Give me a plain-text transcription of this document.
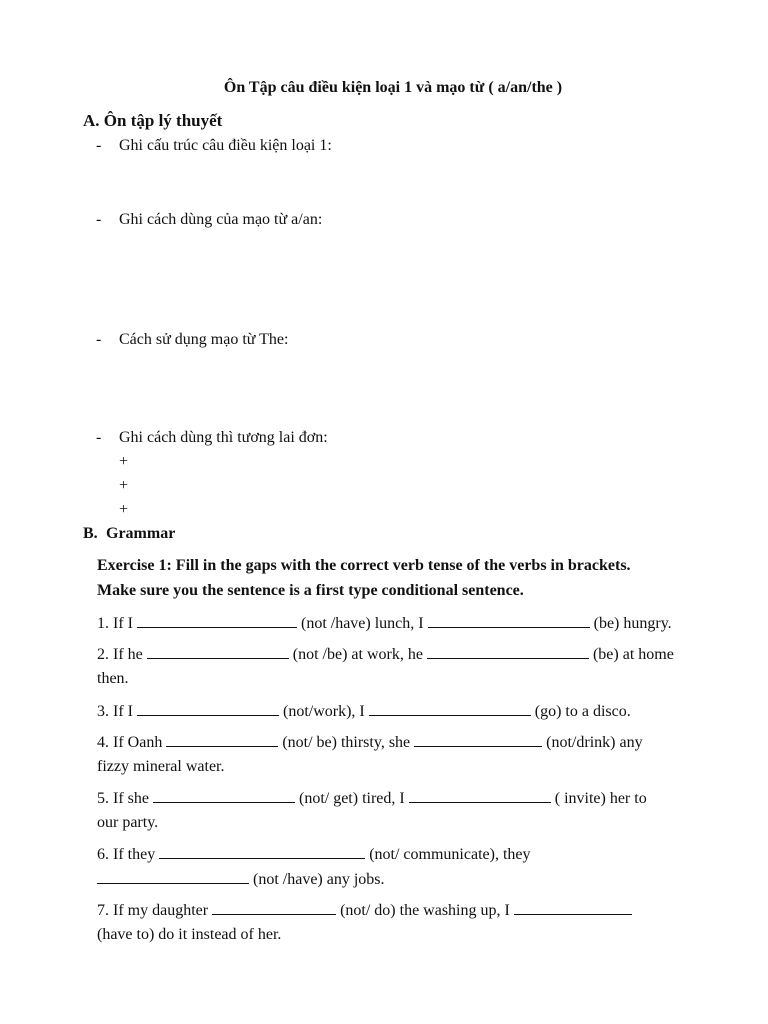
Ôn Tập câu điều kiện loại 1 và mạo từ ( a/an/the )
A. Ôn tập lý thuyết
- Ghi cấu trúc câu điều kiện loại 1:
- Ghi cách dùng của mạo từ a/an:
- Cách sử dụng mạo từ The:
- Ghi cách dùng thì tương lai đơn:
+
+
+
B. Grammar
Exercise 1: Fill in the gaps with the correct verb tense of the verbs in brackets.
Make sure you the sentence is a first type conditional sentence.
1. If I	(not /have) lunch, I	(be) hungry.
2. If he	(not /be) at work, he	(be) at home
then.
3. If I	(not/work), I	(go) to a disco.
4. If Oanh	(not/ be) thirsty, she	(not/drink) any
fizzy mineral water.
5. If she	(not/ get) tired, I	( invite) her to
our party.
6. If they	(not/ communicate), they
(not /have) any jobs.
7. If my daughter	(not/ do) the washing up, I
(have to) do it instead of her.
